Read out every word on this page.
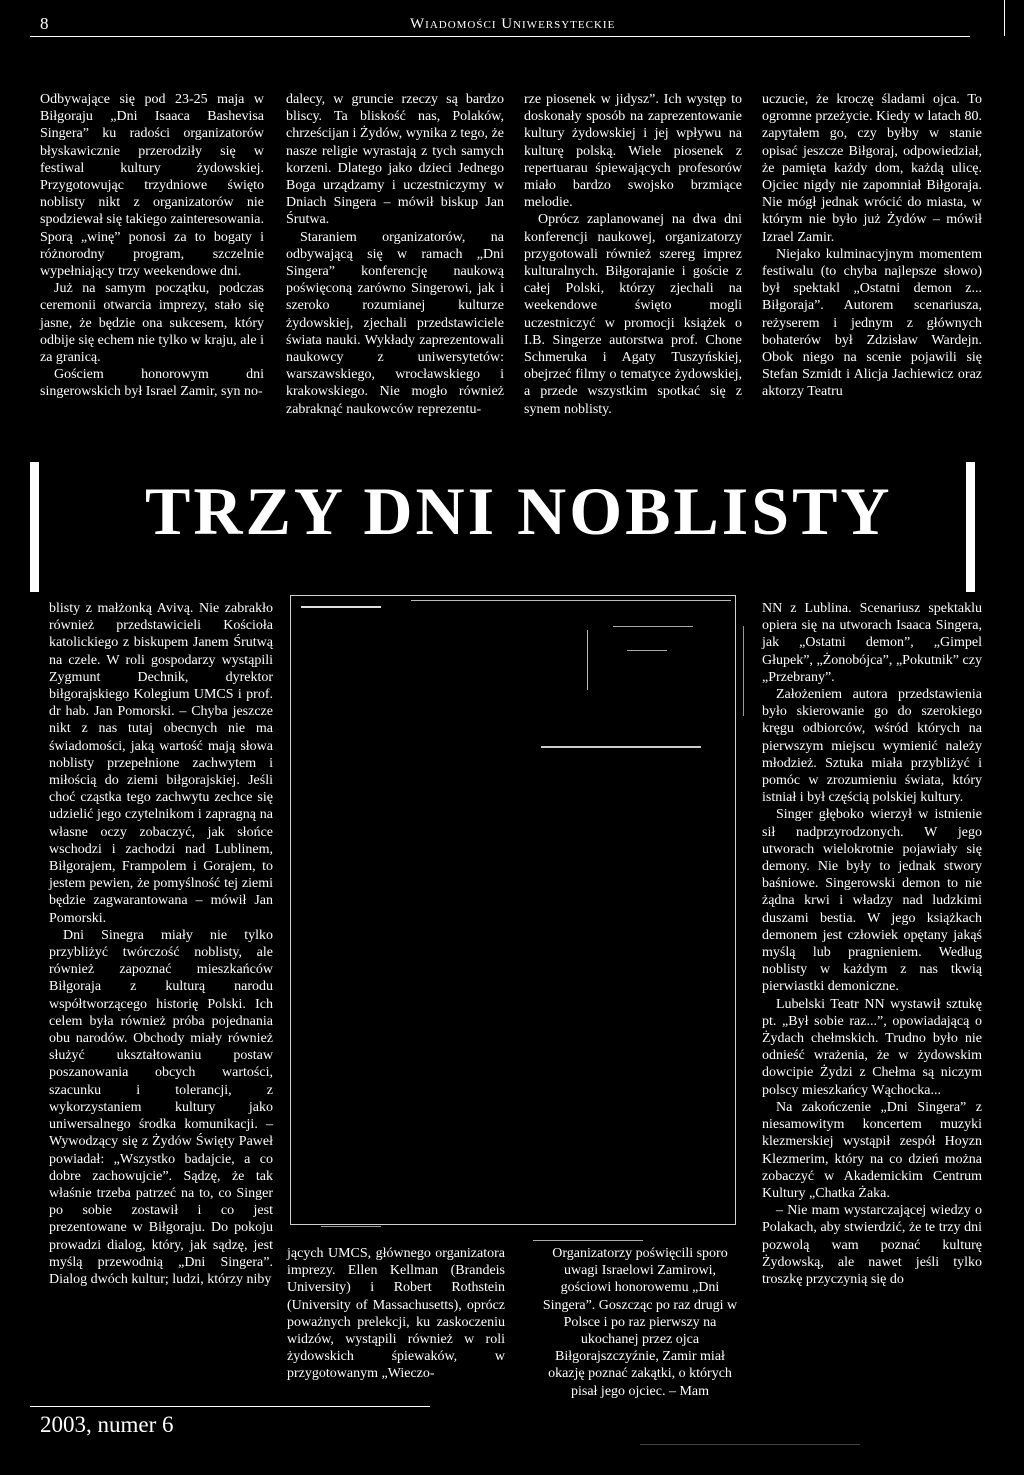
8	Wiadomości Uniwersyteckie

Odbywające się pod 23-25 maja w Biłgoraju „Dni Isaaca Bashevisa Singera” ku radości organizatorów błyskawicznie przerodziły się w festiwal kultury żydowskiej. Przygotowując trzydniowe święto noblisty nikt z organizatorów nie spodziewał się takiego zainteresowania. Sporą „winę” ponosi za to bogaty i różnorodny program, szczelnie wypełniający trzy weekendowe dni.

Już na samym początku, podczas ceremonii otwarcia imprezy, stało się jasne, że będzie ona sukcesem, który odbije się echem nie tylko w kraju, ale i za granicą.

Gościem honorowym dni singerowskich był Israel Zamir, syn no-

dalecy, w gruncie rzeczy są bardzo bliscy. Ta bliskość nas, Polaków, chrześcijan i Żydów, wynika z tego, że nasze religie wyrastają z tych samych korzeni. Dlatego jako dzieci Jednego Boga urządzamy i uczestniczymy w Dniach Singera – mówił biskup Jan Śrutwa.

Staraniem organizatorów, na odbywającą się w ramach „Dni Singera” konferencję naukową poświęconą zarówno Singerowi, jak i szeroko rozumianej kulturze żydowskiej, zjechali przedstawiciele świata nauki. Wykłady zaprezentowali naukowcy z uniwersytetów: warszawskiego, wrocławskiego i krakowskiego. Nie mogło również zabraknąć naukowców reprezentu-

rze piosenek w jidysz”. Ich występ to doskonały sposób na zaprezentowanie kultury żydowskiej i jej wpływu na kulturę polską. Wiele piosenek z repertuarau śpiewających profesorów miało bardzo swojsko brzmiące melodie.

Oprócz zaplanowanej na dwa dni konferencji naukowej, organizatorzy przygotowali również szereg imprez kulturalnych. Biłgorajanie i goście z całej Polski, którzy zjechali na weekendowe święto mogli uczestniczyć w promocji książek o I.B. Singerze autorstwa prof. Chone Schmeruka i Agaty Tuszyńskiej, obejrzeć filmy o tematyce żydowskiej, a przede wszystkim spotkać się z synem noblisty.

uczucie, że kroczę śladami ojca. To ogromne przeżycie. Kiedy w latach 80. zapytałem go, czy byłby w stanie opisać jeszcze Biłgoraj, odpowiedział, że pamięta każdy dom, każdą ulicę. Ojciec nigdy nie zapomniał Biłgoraja. Nie mógł jednak wrócić do miasta, w którym nie było już Żydów – mówił Izrael Zamir.

Niejako kulminacyjnym momentem festiwalu (to chyba najlepsze słowo) był spektakl „Ostatni demon z... Biłgoraja”. Autorem scenariusza, reżyserem i jednym z głównych bohaterów był Zdzisław Wardejn. Obok niego na scenie pojawili się Stefan Szmidt i Alicja Jachiewicz oraz aktorzy Teatru

TRZY DNI NOBLISTY

blisty z małżonką Avivą. Nie zabrakło również przedstawicieli Kościoła katolickiego z biskupem Janem Śrutwą na czele. W roli gospodarzy wystąpili Zygmunt Dechnik, dyrektor biłgorajskiego Kolegium UMCS i prof. dr hab. Jan Pomorski. – Chyba jeszcze nikt z nas tutaj obecnych nie ma świadomości, jaką wartość mają słowa noblisty przepełnione zachwytem i miłością do ziemi biłgorajskiej. Jeśli choć cząstka tego zachwytu zechce się udzielić jego czytelnikom i zapragną na własne oczy zobaczyć, jak słońce wschodzi i zachodzi nad Lublinem, Biłgorajem, Frampolem i Gorajem, to jestem pewien, że pomyślność tej ziemi będzie zagwarantowana – mówił Jan Pomorski.

Dni Sinegra miały nie tylko przybliżyć twórczość noblisty, ale również zapoznać mieszkańców Biłgoraja z kulturą narodu współtworzącego historię Polski. Ich celem była również próba pojednania obu narodów. Obchody miały również służyć ukształtowaniu postaw poszanowania obcych wartości, szacunku i tolerancji, z wykorzystaniem kultury jako uniwersalnego środka komunikacji. – Wywodzący się z Żydów Święty Paweł powiadał: „Wszystko badajcie, a co dobre zachowujcie”. Sądzę, że tak właśnie trzeba patrzeć na to, co Singer po sobie zostawił i co jest prezentowane w Biłgoraju. Do pokoju prowadzi dialog, który, jak sądzę, jest myślą przewodnią „Dni Singera”. Dialog dwóch kultur; ludzi, którzy niby

jących UMCS, głównego organizatora imprezy. Ellen Kellman (Brandeis University) i Robert Rothstein (University of Massachusetts), oprócz poważnych prelekcji, ku zaskoczeniu widzów, wystąpili również w roli żydowskich śpiewaków, w przygotowanym „Wieczo-

Organizatorzy poświęcili sporo uwagi Israelowi Zamirowi, gościowi honorowemu „Dni Singera”. Goszcząc po raz drugi w Polsce i po raz pierwszy na ukochanej przez ojca Biłgorajszczyźnie, Zamir miał okazję poznać zakątki, o których pisał jego ojciec. – Mam

NN z Lublina. Scenariusz spektaklu opiera się na utworach Isaaca Singera, jak „Ostatni demon”, „Gimpel Głupek”, „Żonobójca”, „Pokutnik” czy „Przebrany”.

Założeniem autora przedstawienia było skierowanie go do szerokiego kręgu odbiorców, wśród których na pierwszym miejscu wymienić należy młodzież. Sztuka miała przybliżyć i pomóc w zrozumieniu świata, który istniał i był częścią polskiej kultury.

Singer głęboko wierzył w istnienie sił nadprzyrodzonych. W jego utworach wielokrotnie pojawiały się demony. Nie były to jednak stwory baśniowe. Singerowski demon to nie żądna krwi i władzy nad ludzkimi duszami bestia. W jego książkach demonem jest człowiek opętany jakąś myślą lub pragnieniem. Według noblisty w każdym z nas tkwią pierwiastki demoniczne.

Lubelski Teatr NN wystawił sztukę pt. „Był sobie raz...”, opowiadającą o Żydach chełmskich. Trudno było nie odnieść wrażenia, że w żydowskim dowcipie Żydzi z Chełma są niczym polscy mieszkańcy Wąchocka...

Na zakończenie „Dni Singera” z niesamowitym koncertem muzyki klezmerskiej wystąpił zespół Hoyzn Klezmerim, który na co dzień można zobaczyć w Akademickim Centrum Kultury „Chatka Żaka.

– Nie mam wystarczającej wiedzy o Polakach, aby stwierdzić, że te trzy dni pozwolą wam poznać kulturę Żydowską, ale nawet jeśli tylko troszkę przyczynią się do

2003, numer 6
